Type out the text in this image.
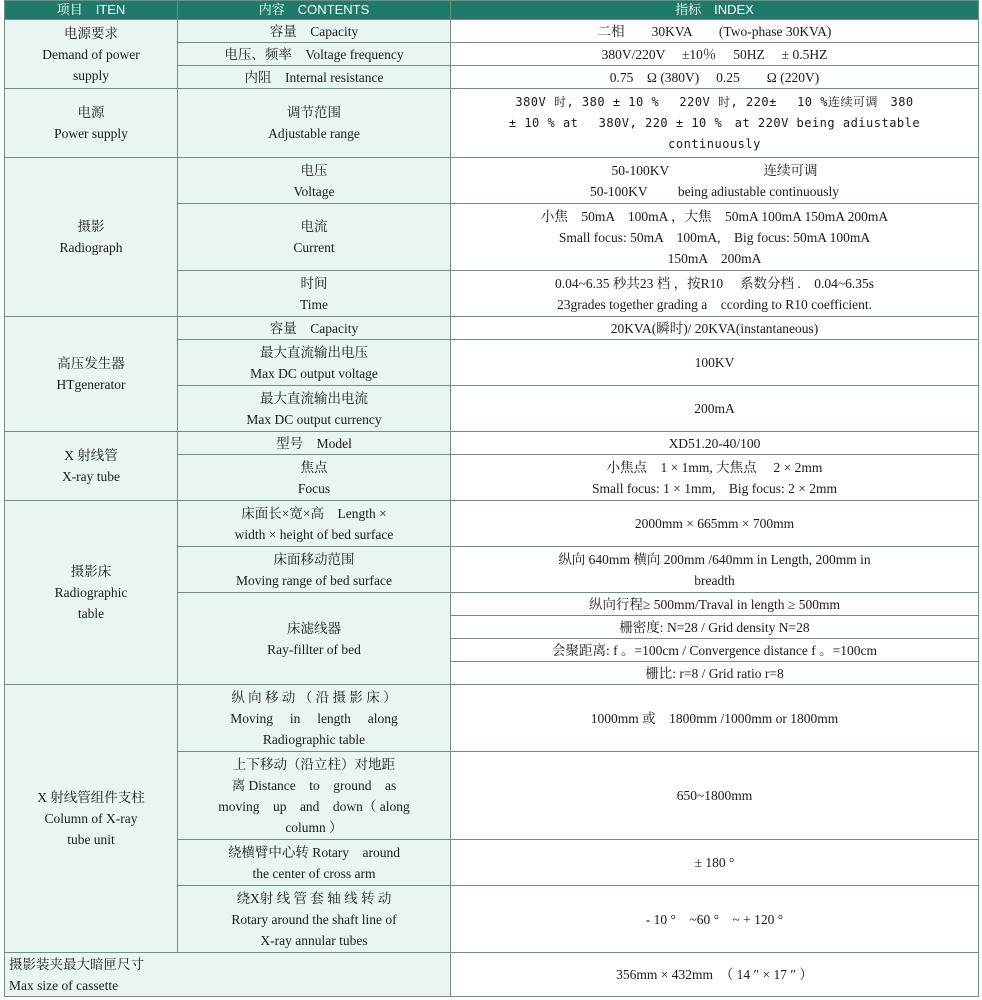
项目　ITEN	内容　CONTENTS	指标　INDEX

电源要求
Demand of power
supply	容量　Capacity	二相　　30KVA　　(Two-phase 30KVA)

	电压、频率　Voltage frequency	380V/220V　 ±10％　 50HZ　 ± 0.5HZ

	内阻　Internal resistance	0.75　Ω (380V)　 0.25　　Ω (220V)

电源
Power supply	调节范围
Adjustable range	380V 时, 380 ± 10 % 　220V 时, 220±　 10 %连续可调　380
± 10 % at　 380V, 220 ± 10 %　at 220V being adiustable
continuously

摄影
Radiograph	电压
Voltage	50-100KV　　　　　　　连续可调
50-100KV　　 being adiustable continuously

	电流
Current	小焦　50mA　100mA ，大焦　50mA 100mA 150mA 200mA
Small focus: 50mA　100mA,　Big focus: 50mA 100mA
150mA　200mA

	时间
Time	0.04~6.35 秒共23 档 ，按R10　 系数分档 .　0.04~6.35s
23grades together grading a　ccording to R10 coefficient.

高压发生器
HTgenerator	容量　Capacity	20KVA(瞬时)/ 20KVA(instantaneous)

	最大直流输出电压
Max DC output voltage	100KV

	最大直流输出电流
Max DC output currency	200mA

X 射线管
X-ray tube	型号　Model	XD51.20-40/100

	焦点
Focus	小焦点　1 × 1mm, 大焦点　 2 × 2mm
Small focus: 1 × 1mm,　Big focus: 2 × 2mm

摄影床
Radiographic
table	床面长×宽×高　Length ×
width × height of bed surface	2000mm × 665mm × 700mm

	床面移动范围
Moving range of bed surface	纵向 640mm 横向 200mm /640mm in Length, 200mm in
breadth

	床滤线器
Ray-fillter of bed	纵向行程≥ 500mm/Traval in length ≥ 500mm

		栅密度: N=28 / Grid density N=28

		会聚距离: f 。=100cm / Convergence distance f 。=100cm

		栅比: r=8 / Grid ratio r=8

X 射线管组件支柱
Column of X-ray
tube unit	纵 向 移 动 （ 沿 摄 影 床 ）
Moving　 in　 length　 along
Radiographic table	1000mm 或　1800mm /1000mm or 1800mm

	上下移动（沿立柱）对地距
离 Distance　to　ground　as
moving　up　and　down（ along
column ）	650~1800mm

	绕横臂中心转 Rotary　around
the center of cross arm	± 180 °

	绕X射 线 管 套 轴 线 转 动
Rotary around the shaft line of
X-ray annular tubes	- 10 °　~60 °　~ + 120 °

摄影装夹最大暗匣尺寸
Max size of cassette		356mm × 432mm　（ 14 ″ × 17 ″ ）
